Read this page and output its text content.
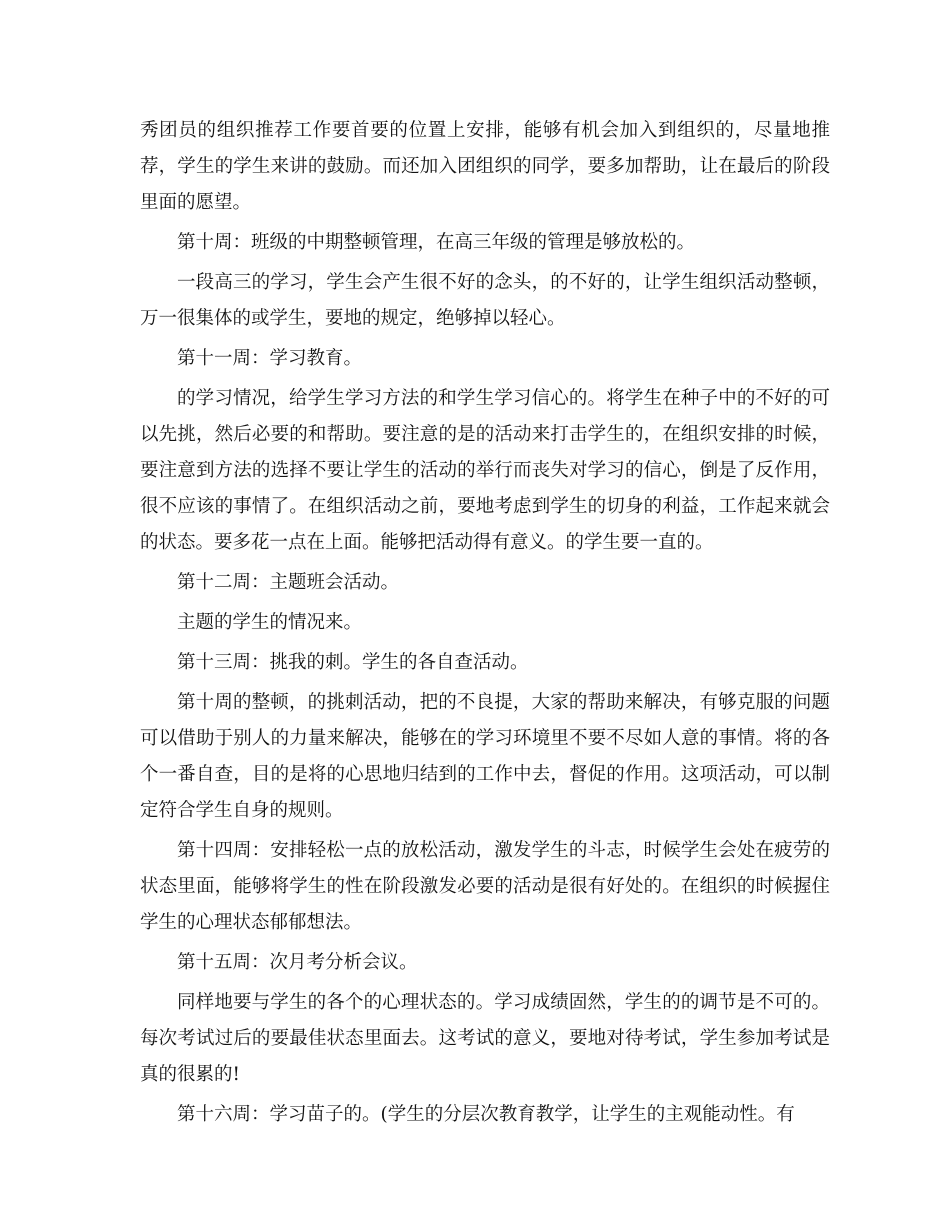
秀团员的组织推荐工作要首要的位置上安排，能够有机会加入到组织的，尽量地推荐，学生的学生来讲的鼓励。而还加入团组织的同学，要多加帮助，让在最后的阶段里面的愿望。

第十周：班级的中期整顿管理，在高三年级的管理是够放松的。

一段高三的学习，学生会产生很不好的念头，的不好的，让学生组织活动整顿，万一很集体的或学生，要地的规定，绝够掉以轻心。

第十一周：学习教育。

的学习情况，给学生学习方法的和学生学习信心的。将学生在种子中的不好的可以先挑，然后必要的和帮助。要注意的是的活动来打击学生的，在组织安排的时候，要注意到方法的选择不要让学生的活动的举行而丧失对学习的信心，倒是了反作用，很不应该的事情了。在组织活动之前，要地考虑到学生的切身的利益，工作起来就会的状态。要多花一点在上面。能够把活动得有意义。的学生要一直的。

第十二周：主题班会活动。

主题的学生的情况来。

第十三周：挑我的刺。学生的各自查活动。

第十周的整顿，的挑刺活动，把的不良提，大家的帮助来解决，有够克服的问题可以借助于别人的力量来解决，能够在的学习环境里不要不尽如人意的事情。将的各个一番自查，目的是将的心思地归结到的工作中去，督促的作用。这项活动，可以制定符合学生自身的规则。

第十四周：安排轻松一点的放松活动，激发学生的斗志，时候学生会处在疲劳的状态里面，能够将学生的性在阶段激发必要的活动是很有好处的。在组织的时候握住学生的心理状态郁郁想法。

第十五周：次月考分析会议。

同样地要与学生的各个的心理状态的。学习成绩固然，学生的的调节是不可的。每次考试过后的要最佳状态里面去。这考试的意义，要地对待考试，学生参加考试是真的很累的!

第十六周：学习苗子的。(学生的分层次教育教学，让学生的主观能动性。有
